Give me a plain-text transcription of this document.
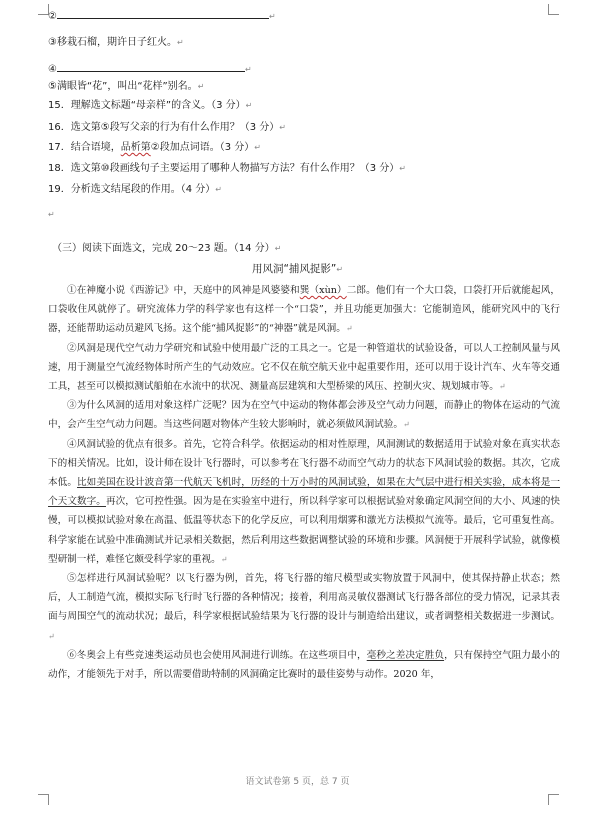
②	↵
③移栽石榴，期许日子红火。↵
④	↵
⑤满眼皆“花”，叫出“花样”别名。↵
15．理解选文标题“母亲样”的含义。（3 分）↵
16．选文第⑤段写父亲的行为有什么作用？（3 分）↵
17．结合语境，品析第②段加点词语。（3 分）↵
18．选文第⑩段画线句子主要运用了哪种人物描写方法？有什么作用？（3 分）↵
19．分析选文结尾段的作用。（4 分）↵
↵
（三）阅读下面选文，完成 20～23 题。（14 分）↵
用风洞“捕风捉影”↵

①在神魔小说《西游记》中，天庭中的风神是风婆婆和巽（xùn）二郎。他们有一个大口袋，口袋打开后就能起风，口袋收住风就停了。研究流体力学的科学家也有这样一个“口袋”，并且功能更加强大：它能制造风，能研究风中的飞行器，还能帮助运动员避风飞扬。这个能“捕风捉影”的“神器”就是风洞。↵

②风洞是现代空气动力学研究和试验中使用最广泛的工具之一。它是一种管道状的试验设备，可以人工控制风量与风速，用于测量空气流经物体时所产生的气动效应。它不仅在航空航天业中起重要作用，还可以用于设计汽车、火车等交通工具，甚至可以模拟测试船舶在水流中的状况、测量高层建筑和大型桥梁的风压、控制火灾、规划城市等。↵

③为什么风洞的适用对象这样广泛呢？因为在空气中运动的物体都会涉及空气动力问题，而静止的物体在运动的气流中，会产生空气动力问题。当这些问题对物体产生较大影响时，就必须做风洞试验。↵

④风洞试验的优点有很多。首先，它符合科学。依据运动的相对性原理，风洞测试的数据适用于试验对象在真实状态下的相关情况。比如，设计师在设计飞行器时，可以参考在飞行器不动而空气动力的状态下风洞试验的数据。其次，它成本低。比如美国在设计波音第一代航天飞机时，历经的十万小时的风洞试验，如果在大气层中进行相关实验，成本将是一个天文数字。再次，它可控性强。因为是在实验室中进行，所以科学家可以根据试验对象确定风洞空间的大小、风速的快慢，可以模拟试验对象在高温、低温等状态下的化学反应，可以利用烟雾和激光方法模拟气流等。最后，它可重复性高。科学家能在试验中准确测试并记录相关数据，然后利用这些数据调整试验的环境和步骤。风洞便于开展科学试验，就像模型研制一样，难怪它颇受科学家的重视。↵

⑤怎样进行风洞试验呢？以飞行器为例，首先，将飞行器的缩尺模型或实物放置于风洞中，使其保持静止状态；然后，人工制造气流，模拟实际飞行时飞行器的各种情况；接着，利用高灵敏仪器测试飞行器各部位的受力情况，记录其表面与周围空气的流动状况；最后，科学家根据试验结果为飞行器的设计与制造给出建议，或者调整相关数据进一步测试。↵

⑥冬奥会上有些竞速类运动员也会使用风洞进行训练。在这些项目中，毫秒之差决定胜负，只有保持空气阻力最小的动作，才能领先于对手，所以需要借助特制的风洞确定比赛时的最佳姿势与动作。2020 年，

语文试卷第 5 页，总 7 页
